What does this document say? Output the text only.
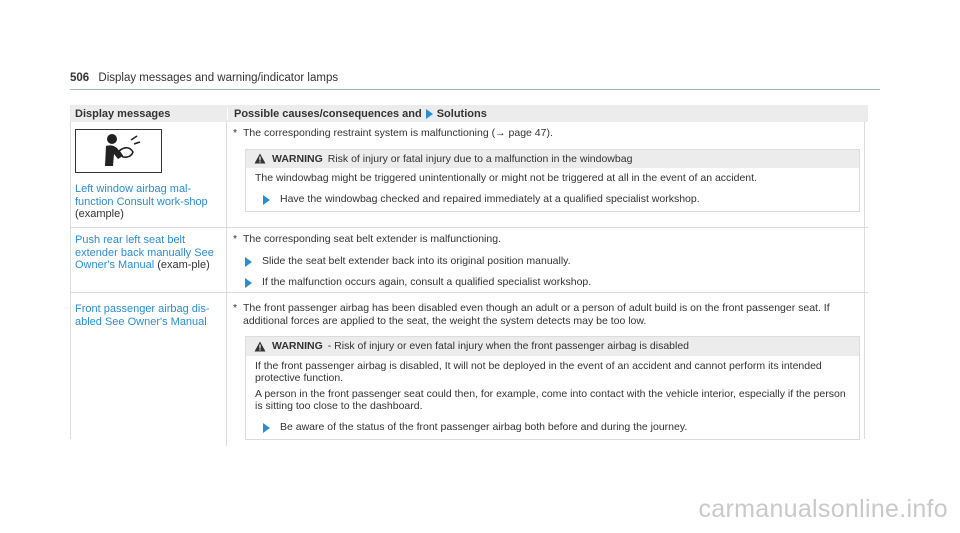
506 Display messages and warning/indicator lamps
Display messages	Possible causes/consequences and Solutions
Left window airbag mal-function Consult work-shop (example)
* The corresponding restraint system is malfunctioning (→ page 47).
WARNING Risk of injury or fatal injury due to a malfunction in the windowbag

The windowbag might be triggered unintentionally or might not be triggered at all in the event of an accident.

Have the windowbag checked and repaired immediately at a qualified specialist workshop.
Push rear left seat belt extender back manually See Owner's Manual (exam-ple)
* The corresponding seat belt extender is malfunctioning.
Slide the seat belt extender back into its original position manually.
If the malfunction occurs again, consult a qualified specialist workshop.
Front passenger airbag dis-abled See Owner's Manual
* The front passenger airbag has been disabled even though an adult or a person of adult build is on the front passenger seat. If additional forces are applied to the seat, the weight the system detects may be too low.
WARNING - Risk of injury or even fatal injury when the front passenger airbag is disabled

If the front passenger airbag is disabled, It will not be deployed in the event of an accident and cannot perform its intended protective function.

A person in the front passenger seat could then, for example, come into contact with the vehicle interior, especially if the person is sitting too close to the dashboard.

Be aware of the status of the front passenger airbag both before and during the journey.
carmanualsonline.info
